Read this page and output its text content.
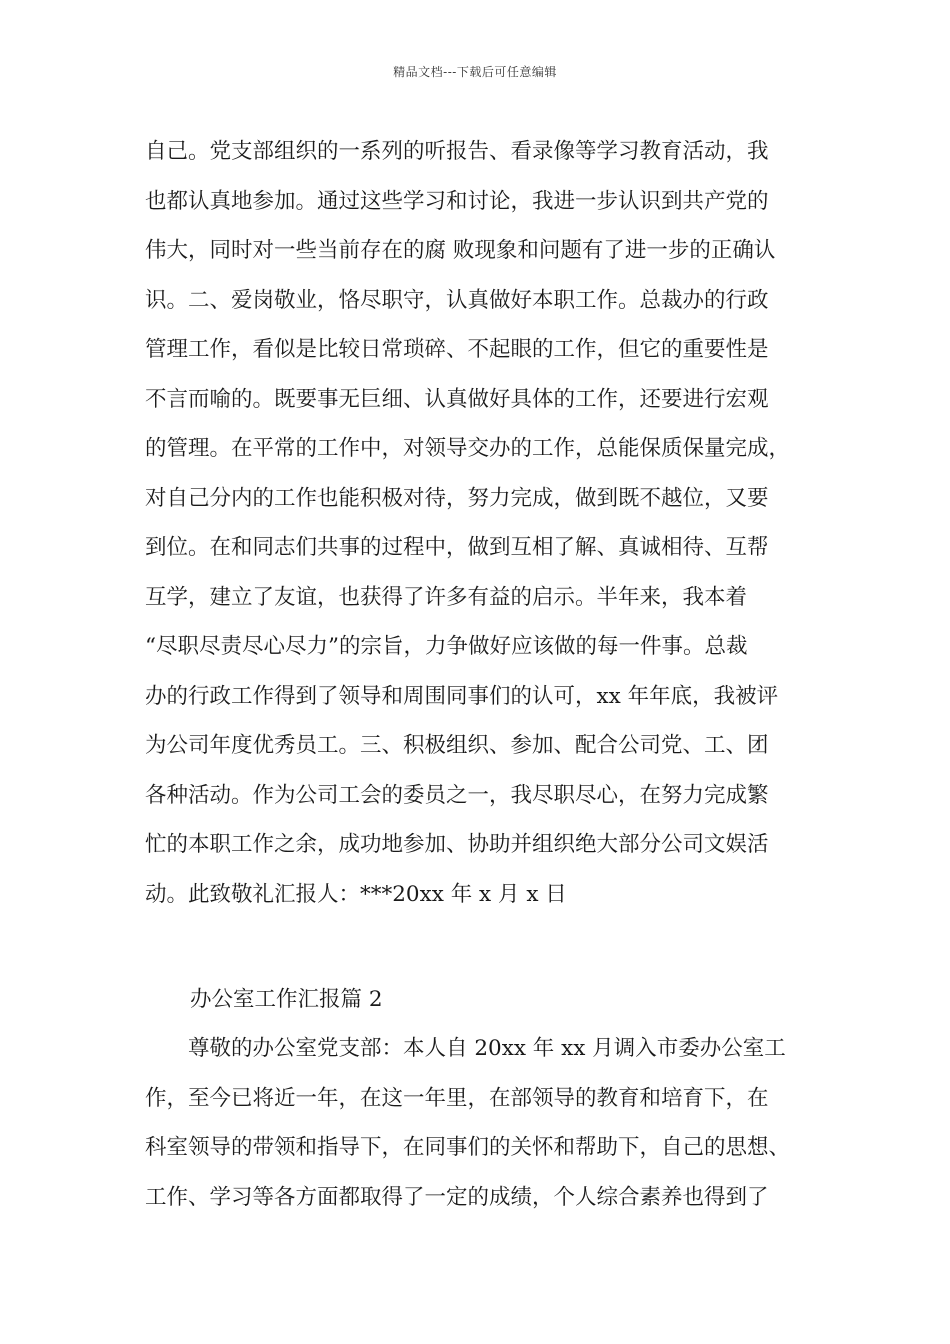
精品文档---下载后可任意编辑
自己。党支部组织的一系列的听报告、看录像等学习教育活动，我
也都认真地参加。通过这些学习和讨论，我进一步认识到共产党的
伟大，同时对一些当前存在的腐 败现象和问题有了进一步的正确认
识。二、爱岗敬业，恪尽职守，认真做好本职工作。总裁办的行政
管理工作，看似是比较日常琐碎、不起眼的工作，但它的重要性是
不言而喻的。既要事无巨细、认真做好具体的工作，还要进行宏观
的管理。在平常的工作中，对领导交办的工作，总能保质保量完成，
对自己分内的工作也能积极对待，努力完成，做到既不越位，又要
到位。在和同志们共事的过程中，做到互相了解、真诚相待、互帮
互学，建立了友谊，也获得了许多有益的启示。半年来，我本着
“尽职尽责尽心尽力”的宗旨，力争做好应该做的每一件事。总裁
办的行政工作得到了领导和周围同事们的认可，xx 年年底，我被评
为公司年度优秀员工。三、积极组织、参加、配合公司党、工、团
各种活动。作为公司工会的委员之一，我尽职尽心，在努力完成繁
忙的本职工作之余，成功地参加、协助并组织绝大部分公司文娱活
动。此致敬礼汇报人：***20xx 年 x 月 x 日
办公室工作汇报篇 2
　　尊敬的办公室党支部：本人自 20xx 年 xx 月调入市委办公室工
作，至今已将近一年，在这一年里，在部领导的教育和培育下，在
科室领导的带领和指导下，在同事们的关怀和帮助下，自己的思想、
工作、学习等各方面都取得了一定的成绩，个人综合素养也得到了
